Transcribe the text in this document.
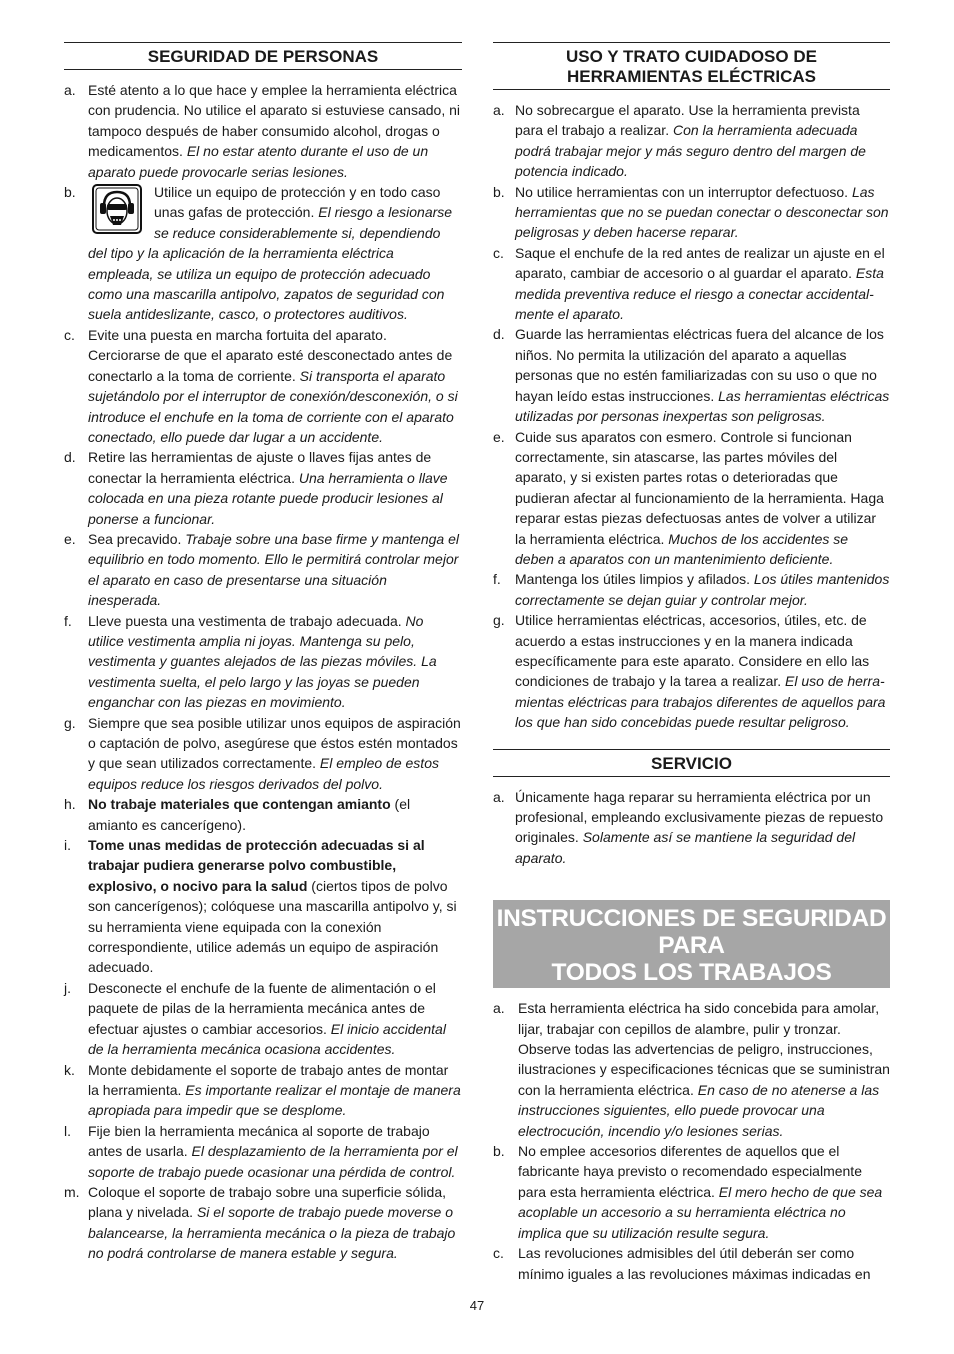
SEGURIDAD DE PERSONAS
a. Esté atento a lo que hace y emplee la herramienta eléctrica con prudencia. No utilice el aparato si estuviese cansado, ni tampoco después de haber consumido alcohol, drogas o medicamentos. El no estar atento durante el uso de un aparato puede provocarle serias lesiones.
b.	Utilice un equipo de protección y en todo caso unas gafas de protección. El riesgo a lesionarse se reduce considerablemente si, dependiendo del tipo y la aplicación de la herramienta eléctrica empleada, se utiliza un equipo de protección adecuado como una mascarilla antipolvo, zapatos de seguridad con suela antideslizante, casco, o protectores auditivos.
c. Evite una puesta en marcha fortuita del aparato. Cerciorarse de que el aparato esté desconectado antes de conectarlo a la toma de corriente. Si transporta el aparato sujetándolo por el interruptor de conexión/desconexión, o si introduce el enchufe en la toma de corriente con el aparato conectado, ello puede dar lugar a un accidente.
d. Retire las herramientas de ajuste o llaves fijas antes de conectar la herramienta eléctrica. Una herramienta o llave colocada en una pieza rotante puede producir lesiones al ponerse a funcionar.
e. Sea precavido. Trabaje sobre una base firme y mantenga el equilibrio en todo momento. Ello le permitirá controlar mejor el aparato en caso de presentarse una situación inesperada.
f.	Lleve puesta una vestimenta de trabajo adecuada. No utilice vestimenta amplia ni joyas. Mantenga su pelo, vestimenta y guantes alejados de las piezas móviles. La vestimenta suelta, el pelo largo y las joyas se pueden enganchar con las piezas en movimiento.
g. Siempre que sea posible utilizar unos equipos de aspiración o captación de polvo, asegúrese que éstos estén montados y que sean utilizados correctamente. El empleo de estos equipos reduce los riesgos derivados del polvo.
h. No trabaje materiales que contengan amianto (el amianto es cancerígeno).
i.	Tome unas medidas de protección adecuadas si al trabajar pudiera generarse polvo combustible, explosivo, o nocivo para la salud (ciertos tipos de polvo son cancerígenos); colóquese una mascarilla antipolvo y, si su herramienta viene equipada con la conexión correspondiente, utilice además un equipo de aspiración adecuado.
j.	Desconecte el enchufe de la fuente de alimentación o el paquete de pilas de la herramienta mecánica antes de efectuar ajustes o cambiar accesorios. El inicio accidental de la herramienta mecánica ocasiona accidentes.
k. Monte debidamente el soporte de trabajo antes de montar la herramienta. Es importante realizar el montaje de manera apropiada para impedir que se desplome.
l.	Fije bien la herramienta mecánica al soporte de trabajo antes de usarla. El desplazamiento de la herramienta por el soporte de trabajo puede ocasionar una pérdida de control.
m. Coloque el soporte de trabajo sobre una superficie sólida, plana y nivelada. Si el soporte de trabajo puede moverse o balancearse, la herramienta mecánica o la pieza de trabajo no podrá controlarse de manera estable y segura.
USO Y TRATO CUIDADOSO DE
HERRAMIENTAS ELÉCTRICAS
a. No sobrecargue el aparato. Use la herramienta prevista para el trabajo a realizar. Con la herramienta adecuada podrá trabajar mejor y más seguro dentro del margen de potencia indicado.
b. No utilice herramientas con un interruptor defectuoso. Las herramientas que no se puedan conectar o desconectar son peligrosas y deben hacerse reparar.
c. Saque el enchufe de la red antes de realizar un ajuste en el aparato, cambiar de accesorio o al guardar el aparato. Esta medida preventiva reduce el riesgo a conectar accidental-mente el aparato.
d. Guarde las herramientas eléctricas fuera del alcance de los niños. No permita la utilización del aparato a aquellas personas que no estén familiarizadas con su uso o que no hayan leído estas instrucciones. Las herramientas eléctricas utilizadas por personas inexpertas son peligrosas.
e. Cuide sus aparatos con esmero. Controle si funcionan correctamente, sin atascarse, las partes móviles del aparato, y si existen partes rotas o deterioradas que pudieran afectar al funcionamiento de la herramienta. Haga reparar estas piezas defectuosas antes de volver a utilizar la herramienta eléctrica. Muchos de los accidentes se deben a aparatos con un mantenimiento deficiente.
f.	Mantenga los útiles limpios y afilados. Los útiles mantenidos correctamente se dejan guiar y controlar mejor.
g. Utilice herramientas eléctricas, accesorios, útiles, etc. de acuerdo a estas instrucciones y en la manera indicada específicamente para este aparato. Considere en ello las condiciones de trabajo y la tarea a realizar. El uso de herra-mientas eléctricas para trabajos diferentes de aquellos para los que han sido concebidas puede resultar peligroso.
SERVICIO
a. Únicamente haga reparar su herramienta eléctrica por un profesional, empleando exclusivamente piezas de repuesto originales. Solamente así se mantiene la seguridad del aparato.
INSTRUCCIONES DE SEGURIDAD PARA
TODOS LOS TRABAJOS
a. Esta herramienta eléctrica ha sido concebida para amolar, lijar, trabajar con cepillos de alambre, pulir y tronzar. Observe todas las advertencias de peligro, instrucciones, ilustraciones y especificaciones técnicas que se suministran con la herramienta eléctrica. En caso de no atenerse a las instrucciones siguientes, ello puede provocar una electrocución, incendio y/o lesiones serias.
b. No emplee accesorios diferentes de aquellos que el fabricante haya previsto o recomendado especialmente para esta herramienta eléctrica. El mero hecho de que sea acoplable un accesorio a su herramienta eléctrica no implica que su utilización resulte segura.
c.	Las revoluciones admisibles del útil deberán ser como mínimo iguales a las revoluciones máximas indicadas en
47
